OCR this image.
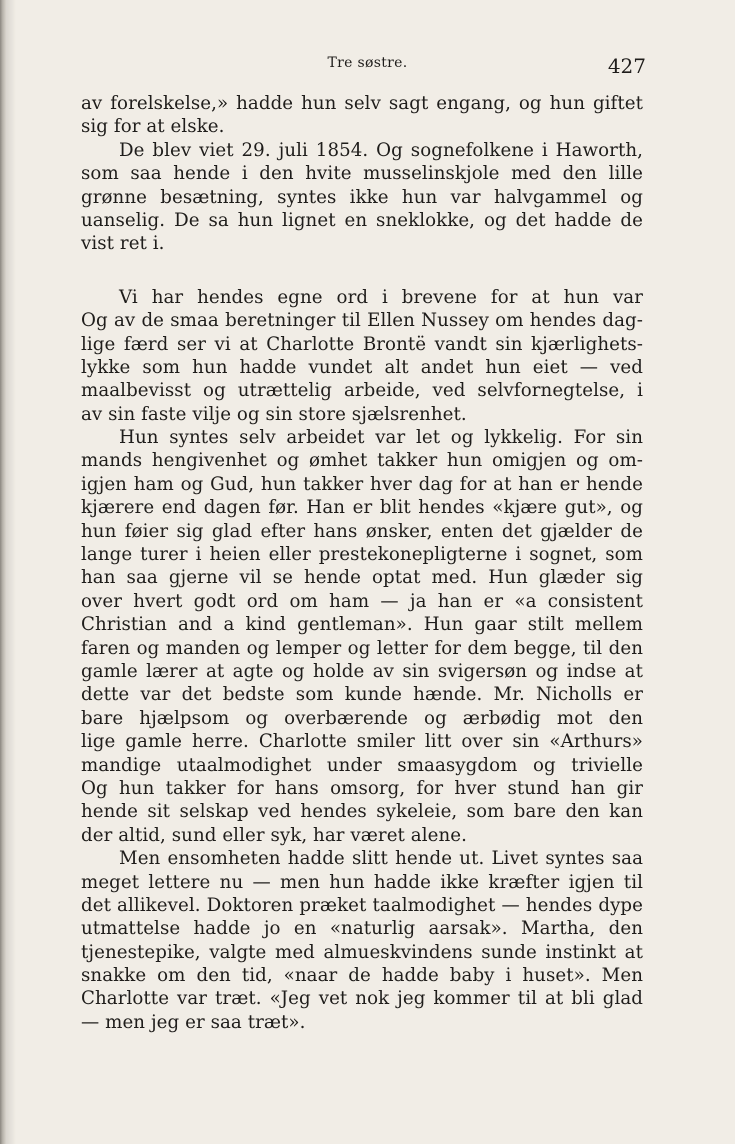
Tre søstre.	427
av forelskelse,» hadde hun selv sagt engang, og hun giftet
sig for at elske.
De blev viet 29. juli 1854. Og sognefolkene i Haworth,
som saa hende i den hvite musselinskjole med den lille
grønne besætning, syntes ikke hun var halvgammel og
uanselig. De sa hun lignet en sneklokke, og det hadde de
vist ret i.
Vi har hendes egne ord i brevene for at hun var
Og av de smaa beretninger til Ellen Nussey om hendes dag-
lige færd ser vi at Charlotte Brontë vandt sin kjærlighets-
lykke som hun hadde vundet alt andet hun eiet — ved
maalbevisst og utrættelig arbeide, ved selvfornegtelse, i
av sin faste vilje og sin store sjælsrenhet.
Hun syntes selv arbeidet var let og lykkelig. For sin
mands hengivenhet og ømhet takker hun omigjen og om-
igjen ham og Gud, hun takker hver dag for at han er hende
kjærere end dagen før. Han er blit hendes «kjære gut», og
hun føier sig glad efter hans ønsker, enten det gjælder de
lange turer i heien eller prestekonepligterne i sognet, som
han saa gjerne vil se hende optat med. Hun glæder sig
over hvert godt ord om ham — ja han er «a consistent
Christian and a kind gentleman». Hun gaar stilt mellem
faren og manden og lemper og letter for dem begge, til den
gamle lærer at agte og holde av sin svigersøn og indse at
dette var det bedste som kunde hænde. Mr. Nicholls er
bare hjælpsom og overbærende og ærbødig mot den
lige gamle herre. Charlotte smiler litt over sin «Arthurs»
mandige utaalmodighet under smaasygdom og trivielle
Og hun takker for hans omsorg, for hver stund han gir
hende sit selskap ved hendes sykeleie, som bare den kan
der altid, sund eller syk, har været alene.
Men ensomheten hadde slitt hende ut. Livet syntes saa
meget lettere nu — men hun hadde ikke kræfter igjen til
det allikevel. Doktoren præket taalmodighet — hendes dype
utmattelse hadde jo en «naturlig aarsak». Martha, den
tjenestepike, valgte med almueskvindens sunde instinkt at
snakke om den tid, «naar de hadde baby i huset». Men
Charlotte var træt. «Jeg vet nok jeg kommer til at bli glad
— men jeg er saa træt».
